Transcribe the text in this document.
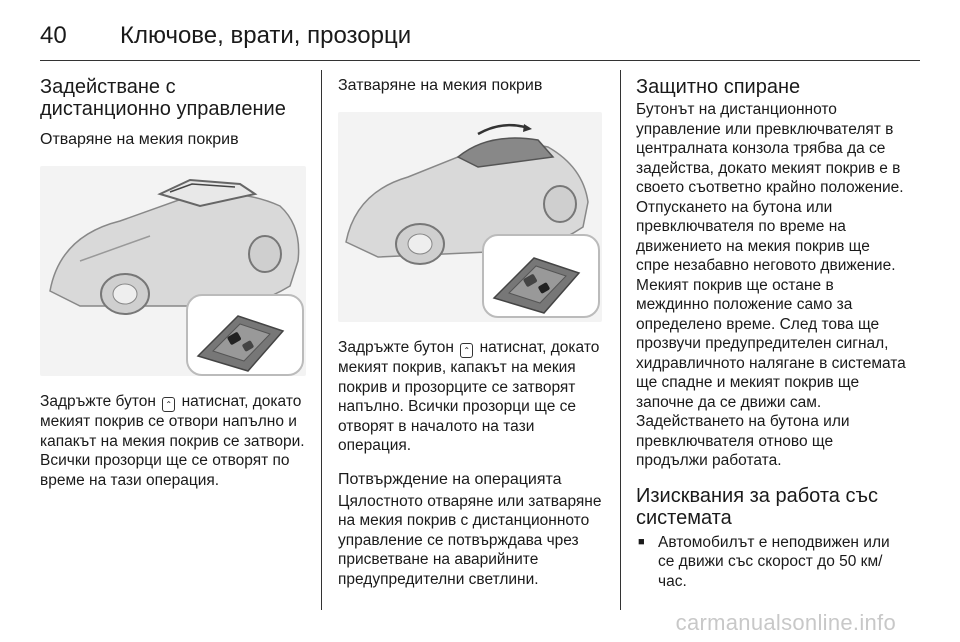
40	Ключове, врати, прозорци
Задействане с дистанционно управление
Отваряне на мекия покрив

Задръжте бутон ⌃ натиснат, докато мекият покрив се отвори напълно и капакът на мекия покрив се затвори. Всички прозорци ще се отворят по време на тази операция.

Затваряне на мекия покрив

Задръжте бутон ⌃ натиснат, докато мекият покрив, капакът на мекия покрив и прозорците се затворят напълно. Всички прозорци ще се отворят в началото на тази операция.

Потвърждение на операцията

Цялостното отваряне или затваряне на мекия покрив с дистанционното управление се потвърждава чрез присветване на аварийните предупредителни светлини.

Защитно спиране

Бутонът на дистанционното управление или превключвателят в централната конзола трябва да се задейства, докато мекият покрив е в своето съответно крайно положение. Отпускането на бутона или превключвателя по време на движението на мекия покрив ще спре незабавно неговото движение. Мекият покрив ще остане в междинно положение само за определено време. След това ще прозвучи предупредителен сигнал, хидравличното налягане в системата ще спадне и мекият покрив ще започне да се движи сам. Задействането на бутона или превключвателя отново ще продължи работата.

Изисквания за работа със системата
■ Автомобилът е неподвижен или се движи със скорост до 50 км/час.
carmanualsonline.info
